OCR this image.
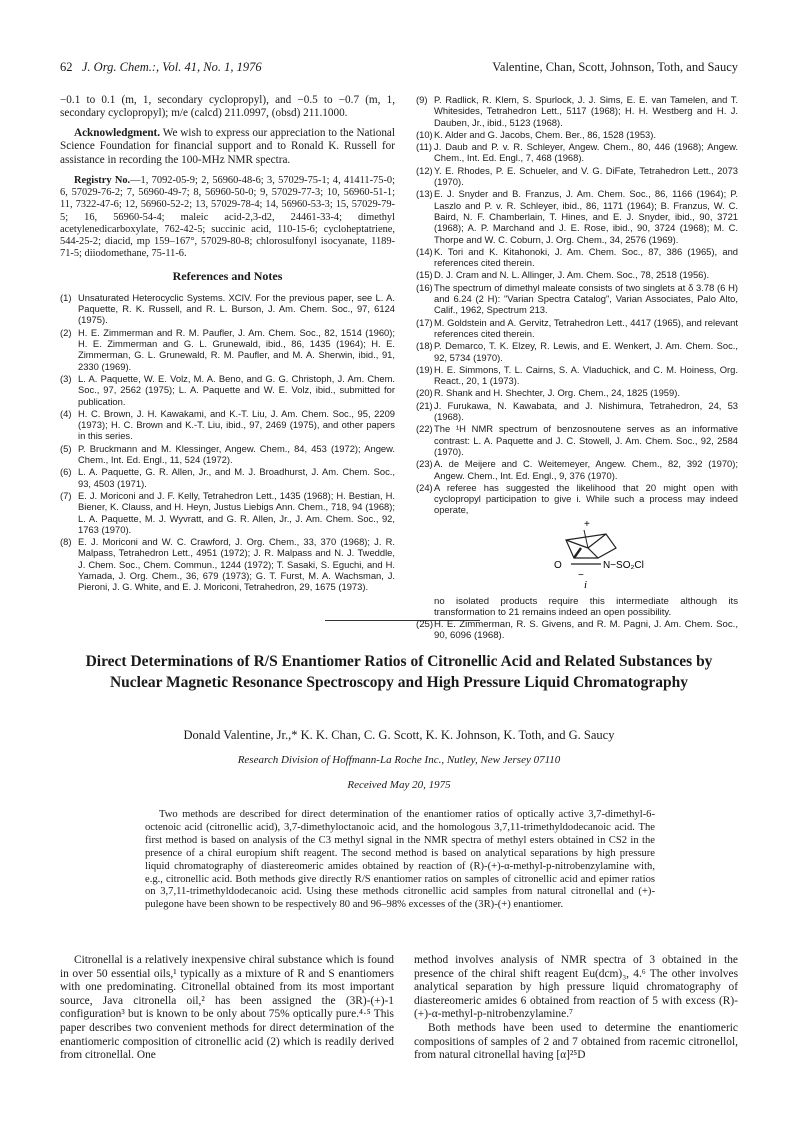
62 J. Org. Chem.:, Vol. 41, No. 1, 1976	Valentine, Chan, Scott, Johnson, Toth, and Saucy

−0.1 to 0.1 (m, 1, secondary cyclopropyl), and −0.5 to −0.7 (m, 1, secondary cyclopropyl); m/e (calcd) 211.0997, (obsd) 211.1000.

Acknowledgment. We wish to express our appreciation to the National Science Foundation for financial support and to Ronald K. Russell for assistance in recording the 100-MHz NMR spectra.

Registry No.—1, 7092-05-9; 2, 56960-48-6; 3, 57029-75-1; 4, 41411-75-0; 6, 57029-76-2; 7, 56960-49-7; 8, 56960-50-0; 9, 57029-77-3; 10, 56960-51-1; 11, 7322-47-6; 12, 56960-52-2; 13, 57029-78-4; 14, 56960-53-3; 15, 57029-79-5; 16, 56960-54-4; maleic acid-2,3-d2, 24461-33-4; dimethyl acetylenedicarboxylate, 762-42-5; succinic acid, 110-15-6; cycloheptatriene, 544-25-2; diacid, mp 159–167°, 57029-80-8; chlorosulfonyl isocyanate, 1189-71-5; diiodomethane, 75-11-6.

References and Notes
(1) Unsaturated Heterocyclic Systems. XCIV. For the previous paper, see L. A. Paquette, R. K. Russell, and R. L. Burson, J. Am. Chem. Soc., 97, 6124 (1975).
(2) H. E. Zimmerman and R. M. Paufler, J. Am. Chem. Soc., 82, 1514 (1960); H. E. Zimmerman and G. L. Grunewald, ibid., 86, 1435 (1964); H. E. Zimmerman, G. L. Grunewald, R. M. Paufler, and M. A. Sherwin, ibid., 91, 2330 (1969).
(3) L. A. Paquette, W. E. Volz, M. A. Beno, and G. G. Christoph, J. Am. Chem. Soc., 97, 2562 (1975); L. A. Paquette and W. E. Volz, ibid., submitted for publication.
(4) H. C. Brown, J. H. Kawakami, and K.-T. Liu, J. Am. Chem. Soc., 95, 2209 (1973); H. C. Brown and K.-T. Liu, ibid., 97, 2469 (1975), and other papers in this series.
(5) P. Bruckmann and M. Klessinger, Angew. Chem., 84, 453 (1972); Angew. Chem., Int. Ed. Engl., 11, 524 (1972).
(6) L. A. Paquette, G. R. Allen, Jr., and M. J. Broadhurst, J. Am. Chem. Soc., 93, 4503 (1971).
(7) E. J. Moriconi and J. F. Kelly, Tetrahedron Lett., 1435 (1968); H. Bestian, H. Biener, K. Clauss, and H. Heyn, Justus Liebigs Ann. Chem., 718, 94 (1968); L. A. Paquette, M. J. Wyvratt, and G. R. Allen, Jr., J. Am. Chem. Soc., 92, 1763 (1970).
(8) E. J. Moriconi and W. C. Crawford, J. Org. Chem., 33, 370 (1968); J. R. Malpass, Tetrahedron Lett., 4951 (1972); J. R. Malpass and N. J. Tweddle, J. Chem. Soc., Chem. Commun., 1244 (1972); T. Sasaki, S. Eguchi, and H. Yamada, J. Org. Chem., 36, 679 (1973); G. T. Furst, M. A. Wachsman, J. Pieroni, J. G. White, and E. J. Moriconi, Tetrahedron, 29, 1675 (1973).
(9) P. Radlick, R. Klem, S. Spurlock, J. J. Sims, E. E. van Tamelen, and T. Whitesides, Tetrahedron Lett., 5117 (1968); H. H. Westberg and H. J. Dauben, Jr., ibid., 5123 (1968).
(10) K. Alder and G. Jacobs, Chem. Ber., 86, 1528 (1953).
(11) J. Daub and P. v. R. Schleyer, Angew. Chem., 80, 446 (1968); Angew. Chem., Int. Ed. Engl., 7, 468 (1968).
(12) Y. E. Rhodes, P. E. Schueler, and V. G. DiFate, Tetrahedron Lett., 2073 (1970).
(13) E. J. Snyder and B. Franzus, J. Am. Chem. Soc., 86, 1166 (1964); P. Laszlo and P. v. R. Schleyer, ibid., 86, 1171 (1964); B. Franzus, W. C. Baird, N. F. Chamberlain, T. Hines, and E. J. Snyder, ibid., 90, 3721 (1968); A. P. Marchand and J. E. Rose, ibid., 90, 3724 (1968); M. C. Thorpe and W. C. Coburn, J. Org. Chem., 34, 2576 (1969).
(14) K. Tori and K. Kitahonoki, J. Am. Chem. Soc., 87, 386 (1965), and references cited therein.
(15) D. J. Cram and N. L. Allinger, J. Am. Chem. Soc., 78, 2518 (1956).
(16) The spectrum of dimethyl maleate consists of two singlets at δ 3.78 (6 H) and 6.24 (2 H): "Varian Spectra Catalog", Varian Associates, Palo Alto, Calif., 1962, Spectrum 213.
(17) M. Goldstein and A. Gervitz, Tetrahedron Lett., 4417 (1965), and relevant references cited therein.
(18) P. Demarco, T. K. Elzey, R. Lewis, and E. Wenkert, J. Am. Chem. Soc., 92, 5734 (1970).
(19) H. E. Simmons, T. L. Cairns, S. A. Vladuchick, and C. M. Hoiness, Org. React., 20, 1 (1973).
(20) R. Shank and H. Shechter, J. Org. Chem., 24, 1825 (1959).
(21) J. Furukawa, N. Kawabata, and J. Nishimura, Tetrahedron, 24, 53 (1968).
(22) The ¹H NMR spectrum of benzosnoutene serves as an informative contrast: L. A. Paquette and J. C. Stowell, J. Am. Chem. Soc., 92, 2584 (1970).
(23) A. de Meijere and C. Weitemeyer, Angew. Chem., 82, 392 (1970); Angew. Chem., Int. Ed. Engl., 9, 376 (1970).
(24) A referee has suggested the likelihood that 20 might open with cyclopropyl participation to give i. While such a process may indeed operate,
+
O	N−SO₂Cl
−
i

no isolated products require this intermediate although its transformation to 21 remains indeed an open possibility.

(25) H. E. Zimmerman, R. S. Givens, and R. M. Pagni, J. Am. Chem. Soc., 90, 6096 (1968).
Direct Determinations of R/S Enantiomer Ratios of Citronellic Acid and Related Substances by Nuclear Magnetic Resonance Spectroscopy and High Pressure Liquid Chromatography
Donald Valentine, Jr.,* K. K. Chan, C. G. Scott, K. K. Johnson, K. Toth, and G. Saucy
Research Division of Hoffmann-La Roche Inc., Nutley, New Jersey 07110
Received May 20, 1975

Two methods are described for direct determination of the enantiomer ratios of optically active 3,7-dimethyl-6-octenoic acid (citronellic acid), 3,7-dimethyloctanoic acid, and the homologous 3,7,11-trimethyldodecanoic acid. The first method is based on analysis of the C3 methyl signal in the NMR spectra of methyl esters obtained in CS2 in the presence of a chiral europium shift reagent. The second method is based on analytical separations by high pressure liquid chromatography of diastereomeric amides obtained by reaction of (R)-(+)-α-methyl-p-nitrobenzylamine with, e.g., citronellic acid. Both methods give directly R/S enantiomer ratios on samples of citronellic acid and epimer ratios on 3,7,11-trimethyldodecanoic acid. Using these methods citronellic acid samples from natural citronellal and (+)-pulegone have been shown to be respectively 80 and 96–98% excesses of the (3R)-(+) enantiomer.

Citronellal is a relatively inexpensive chiral substance which is found in over 50 essential oils,¹ typically as a mixture of R and S enantiomers with one predominating. Citronellal obtained from its most important source, Java citronella oil,² has been assigned the (3R)-(+)-1 configuration³ but is known to be only about 75% optically pure.⁴·⁵ This paper describes two convenient methods for direct determination of the enantiomeric composition of citronellic acid (2) which is readily derived from citronellal. One

method involves analysis of NMR spectra of 3 obtained in the presence of the chiral shift reagent Eu(dcm)₃, 4.⁶ The other involves analytical separation by high pressure liquid chromatography of diastereomeric amides 6 obtained from reaction of 5 with excess (R)-(+)-α-methyl-p-nitrobenzylamine.⁷

Both methods have been used to determine the enantiomeric compositions of samples of 2 and 7 obtained from racemic citronellol, from natural citronellal having [α]²⁵D
